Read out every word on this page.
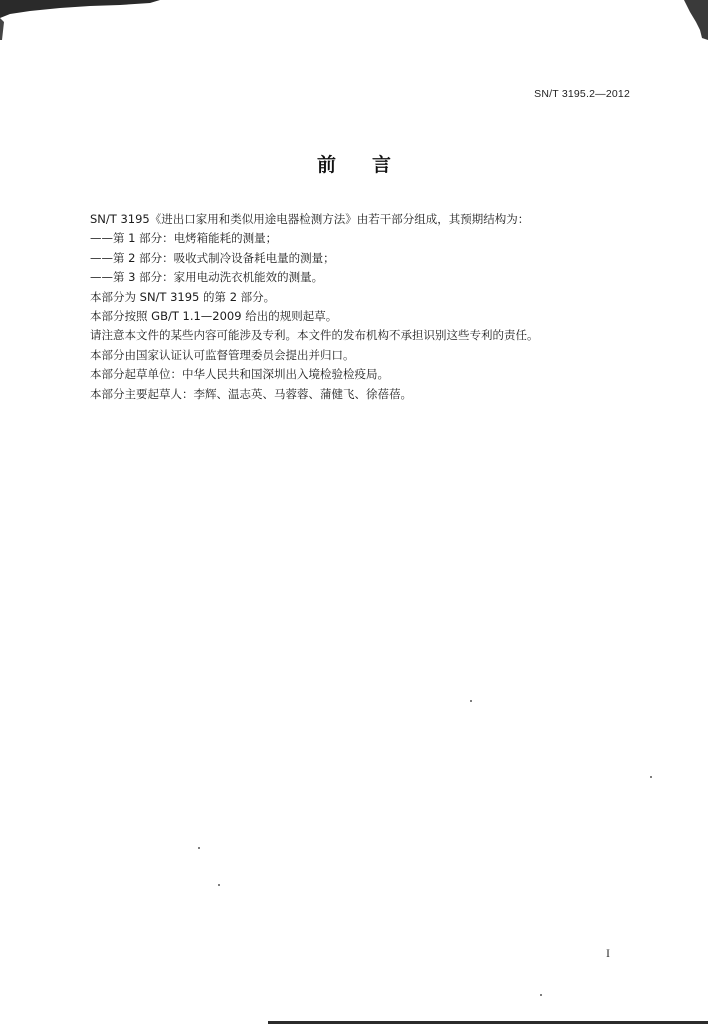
SN/T 3195.2—2012
前 言

SN/T 3195《进出口家用和类似用途电器检测方法》由若干部分组成，其预期结构为：

——第 1 部分：电烤箱能耗的测量；

——第 2 部分：吸收式制冷设备耗电量的测量；

——第 3 部分：家用电动洗衣机能效的测量。

本部分为 SN/T 3195 的第 2 部分。

本部分按照 GB/T 1.1—2009 给出的规则起草。

请注意本文件的某些内容可能涉及专利。本文件的发布机构不承担识别这些专利的责任。

本部分由国家认证认可监督管理委员会提出并归口。

本部分起草单位：中华人民共和国深圳出入境检验检疫局。

本部分主要起草人：李辉、温志英、马蓉蓉、蒲健飞、徐蓓蓓。

I
